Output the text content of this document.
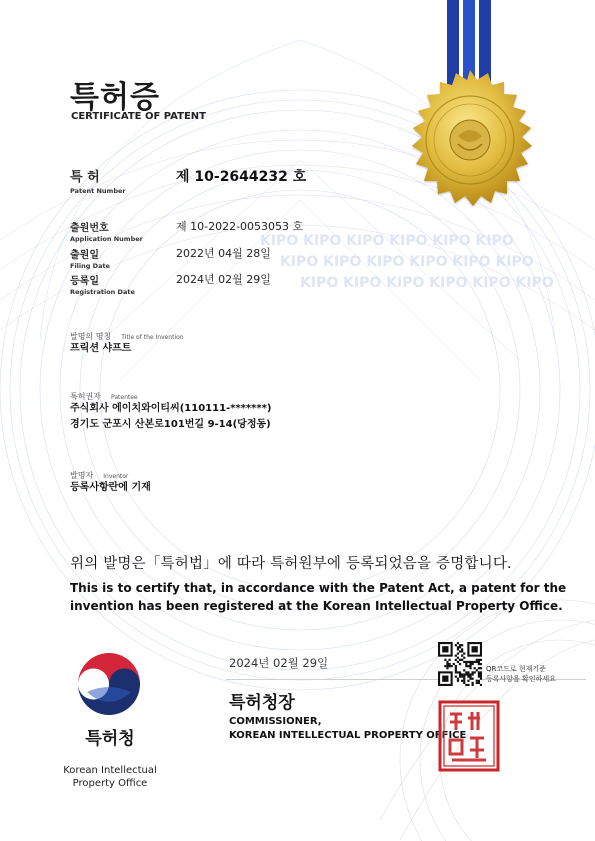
KIPO KIPO KIPO KIPO KIPO KIPO
KIPO KIPO KIPO KIPO KIPO KIPO
KIPO KIPO KIPO KIPO KIPO KIPO
특허증
CERTIFICATE OF PATENT
특 허
Patent Number
제 10-2644232 호
출원번호
Application Number
제 10-2022-0053053 호
출원일
Filing Date
2022년 04월 28일
등록일
Registration Date
2024년 02월 29일
발명의 명칭 Title of the Invention
프릭션 샤프트
특허권자 Patentee
주식회사 에이치와이티씨(110111-*******)
경기도 군포시 산본로101번길 9-14(당정동)
발명자 Inventor
등록사항란에 기재
위의 발명은「특허법」에 따라 특허원부에 등록되었음을 증명합니다.
This is to certify that, in accordance with the Patent Act, a patent for the
invention has been registered at the Korean Intellectual Property Office.
특허청
Korean Intellectual
Property Office
2024년 02월 29일
특허청장
COMMISSIONER,
KOREAN INTELLECTUAL PROPERTY OFFICE
QR코드로 현재기준
등록사항을 확인하세요
